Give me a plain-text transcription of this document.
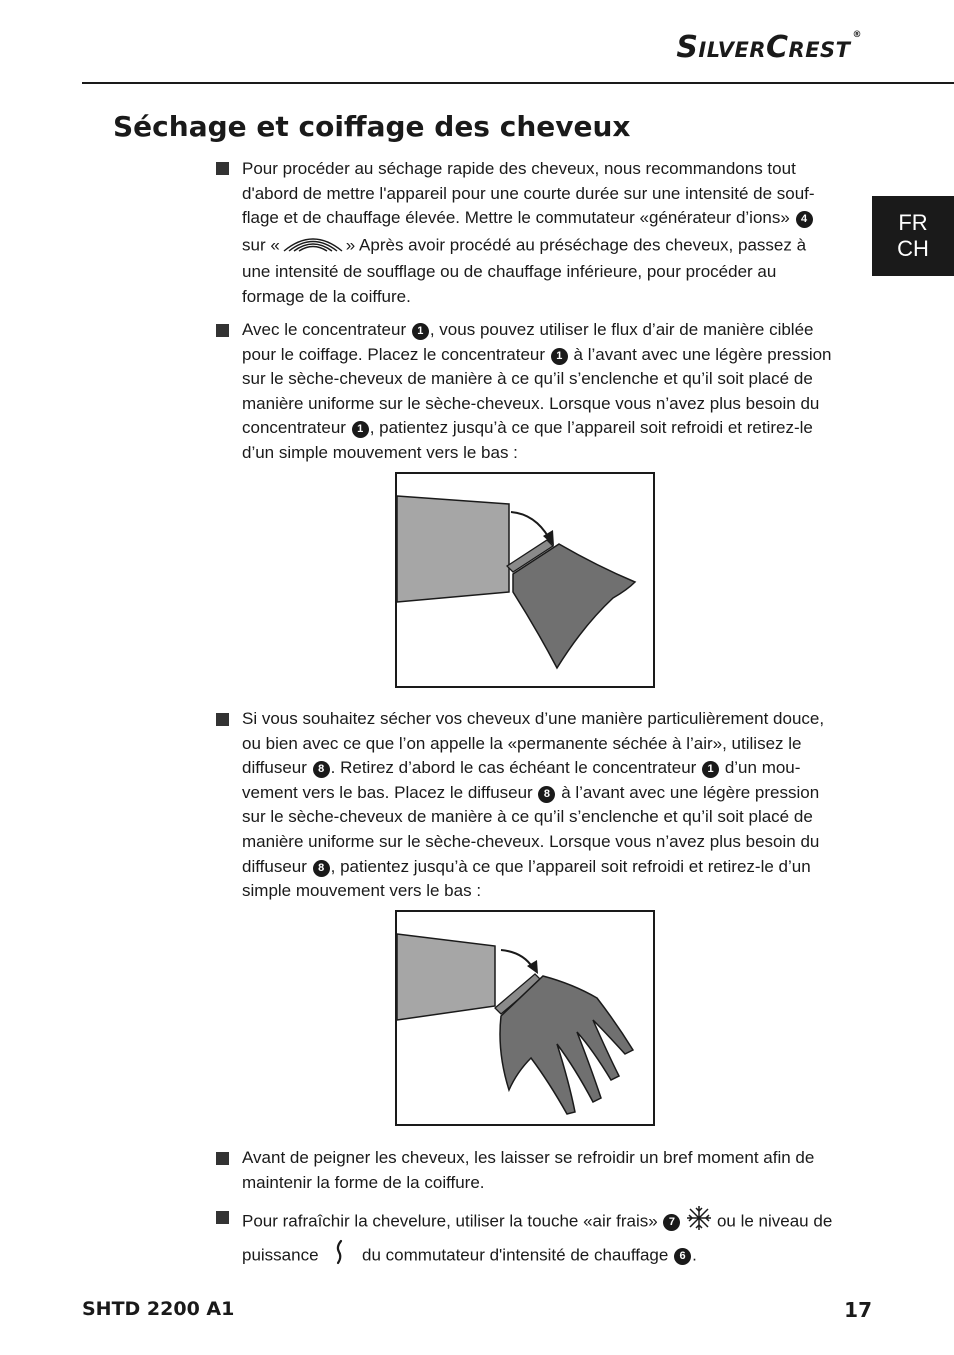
SilverCrest ®
FR
CH
Séchage et coiffage des cheveux

Pour procéder au séchage rapide des cheveux, nous recommandons tout d'abord de mettre l'appareil pour une courte durée sur une intensité de souf-flage et de chauffage élevée. Mettre le commutateur «générateur d’ions» 4
sur «	» Après avoir procédé au préséchage des cheveux, passez à une intensité de soufflage ou de chauffage inférieure, pour procéder au formage de la coiffure.

Avec le concentrateur 1 , vous pouvez utiliser le flux d’air de manière ciblée pour le coiffage. Placez le concentrateur 1 à l’avant avec une légère pression sur le sèche-cheveux de manière à ce qu’il s’enclenche et qu’il soit placé de manière uniforme sur le sèche-cheveux. Lorsque vous n’avez plus besoin du concentrateur 1 , patientez jusqu’à ce que l’appareil soit refroidi et retirez-le d’un simple mouvement vers le bas :

Si vous souhaitez sécher vos cheveux d’une manière particulièrement douce, ou bien avec ce que l’on appelle la «permanente séchée à l’air», utilisez le diffuseur 8 . Retirez d’abord le cas échéant le concentrateur 1 d’un mou-vement vers le bas. Placez le diffuseur 8 à l’avant avec une légère pression sur le sèche-cheveux de manière à ce qu’il s’enclenche et qu’il soit placé de manière uniforme sur le sèche-cheveux. Lorsque vous n’avez plus besoin du diffuseur 8 , patientez jusqu’à ce que l’appareil soit refroidi et retirez-le d’un simple mouvement vers le bas :

Avant de peigner les cheveux, les laisser se refroidir un bref moment afin de maintenir la forme de la coiffure.

Pour rafraîchir la chevelure, utiliser la touche «air frais» 7 ou le niveau de puissance	du commutateur d'intensité de chauffage 6 .

SHTD 2200 A1	17
